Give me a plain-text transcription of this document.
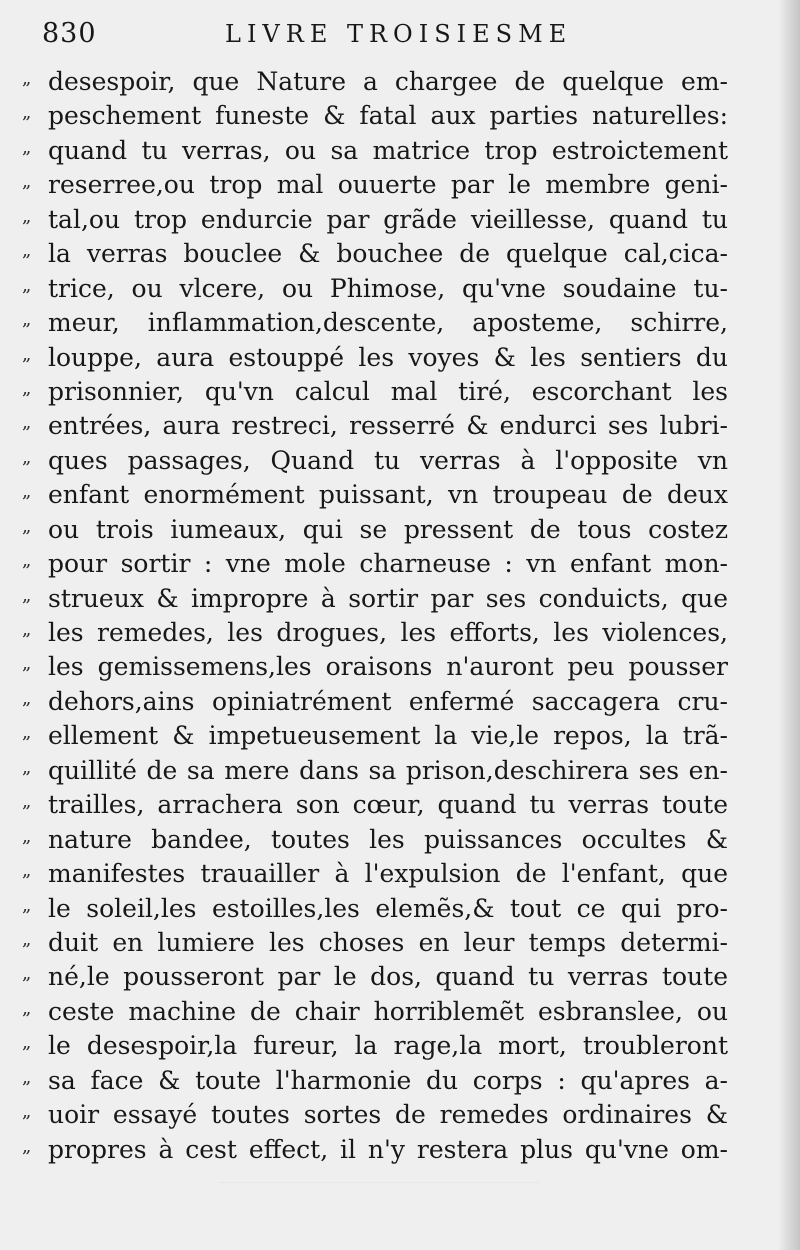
830	LIVRE TROISIESME
„ desespoir, que Nature a chargee de quelque em-
„ peschement funeste & fatal aux parties naturelles:
„ quand tu verras, ou sa matrice trop estroictement
„ reserree,ou trop mal ouuerte par le membre geni-
„ tal,ou trop endurcie par grãde vieillesse, quand tu
„ la verras bouclee & bouchee de quelque cal,cica-
„ trice, ou vlcere, ou Phimose, qu'vne soudaine tu-
„ meur, inflammation,descente, aposteme, schirre,
„ louppe, aura estouppé les voyes & les sentiers du
„ prisonnier, qu'vn calcul mal tiré, escorchant les
„ entrées, aura restreci, resserré & endurci ses lubri-
„ ques passages, Quand tu verras à l'opposite vn
„ enfant enormément puissant, vn troupeau de deux
„ ou trois iumeaux, qui se pressent de tous costez
„ pour sortir : vne mole charneuse : vn enfant mon-
„ strueux & impropre à sortir par ses conduicts, que
„ les remedes, les drogues, les efforts, les violences,
„ les gemissemens,les oraisons n'auront peu pousser
„ dehors,ains opiniatrément enfermé saccagera cru-
„ ellement & impetueusement la vie,le repos, la trã-
„ quillité de sa mere dans sa prison,deschirera ses en-
„ trailles, arrachera son cœur, quand tu verras toute
„ nature bandee, toutes les puissances occultes &
„ manifestes trauailler à l'expulsion de l'enfant, que
„ le soleil,les estoilles,les elemẽs,& tout ce qui pro-
„ duit en lumiere les choses en leur temps determi-
„ né,le pousseront par le dos, quand tu verras toute
„ ceste machine de chair horriblemẽt esbranslee, ou
„ le desespoir,la fureur, la rage,la mort, troubleront
„ sa face & toute l'harmonie du corps : qu'apres a-
„ uoir essayé toutes sortes de remedes ordinaires &
„ propres à cest effect, il n'y restera plus qu'vne om-
